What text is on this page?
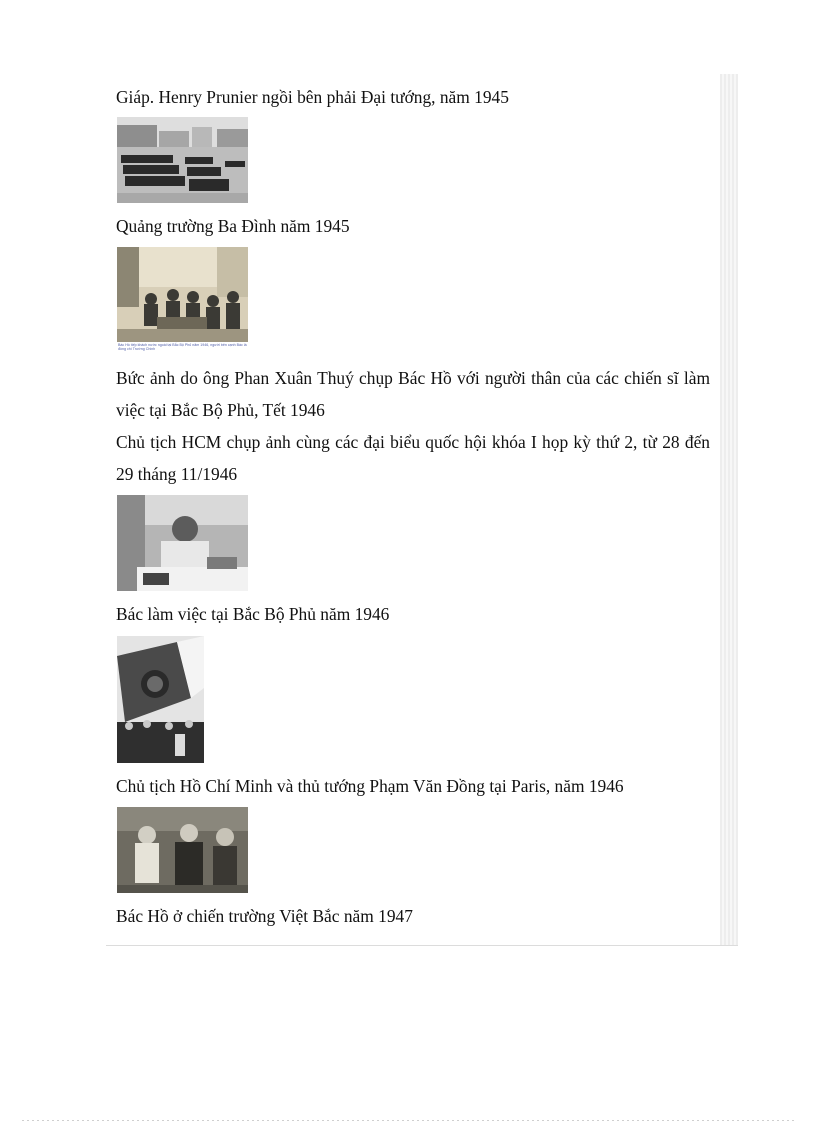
Giáp. Henry Prunier ngồi bên phải Đại tướng, năm 1945

Quảng trường Ba Đình năm 1945

Bác Hồ tiếp khách nước ngoài tại Bắc Bộ Phủ năm 1946, người bên cạnh Bác là đồng chí Trường Chinh

Bức ảnh do ông Phan Xuân Thuý chụp Bác Hồ với người thân của các chiến sĩ làm việc tại Bắc Bộ Phủ, Tết 1946

Chủ tịch HCM chụp ảnh cùng các đại biểu quốc hội khóa I họp kỳ thứ 2, từ 28 đến 29 tháng 11/1946

Bác làm việc tại Bắc Bộ Phủ năm 1946

Chủ tịch Hồ Chí Minh và thủ tướng Phạm Văn Đồng tại Paris, năm 1946

Bác Hồ ở chiến trường Việt Bắc năm 1947
